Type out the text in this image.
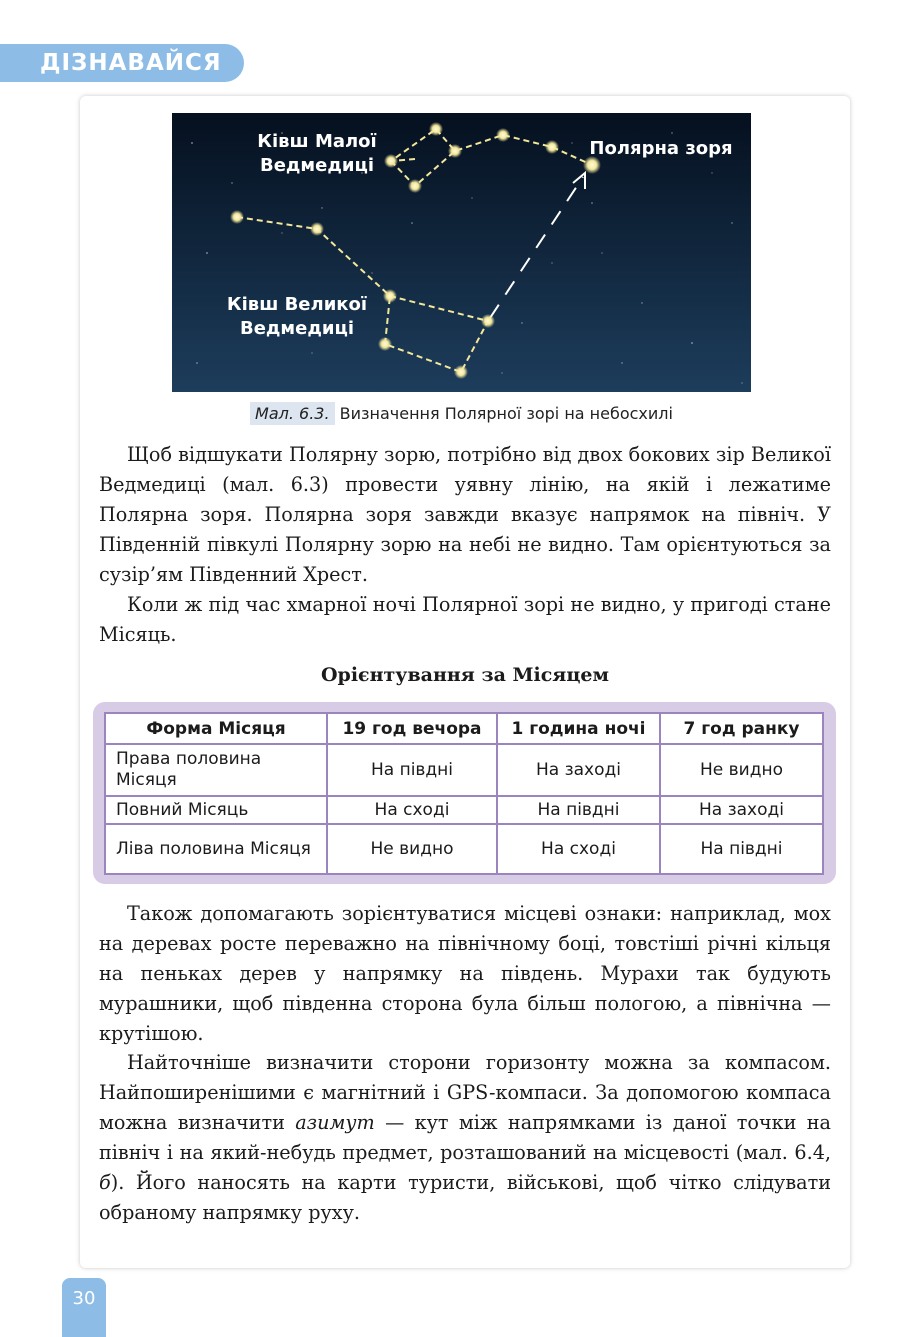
ДІЗНАВАЙСЯ
Ківш Малої
Ведмедиці
Полярна зоря
Ківш Великої
Ведмедиці
Мал. 6.3. Визначення Полярної зорі на небосхилі

Щоб відшукати Полярну зорю, потрібно від двох бокових зір Великої Ведмедиці (мал. 6.3) провести уявну лінію, на якій і лежатиме Полярна зоря. Полярна зоря завжди вказує напрямок на північ. У Південній півкулі Полярну зорю на небі не видно. Там орієнтуються за сузір’ям Південний Хрест.

Коли ж під час хмарної ночі Полярної зорі не видно, у пригоді стане Місяць.

Орієнтування за Місяцем
Форма Місяця	19 год вечора	1 година ночі	7 год ранку
Права половина Місяця	На півдні	На заході	Не видно
Повний Місяць	На сході	На півдні	На заході
Ліва половина Місяця	Не видно	На сході	На півдні

Також допомагають зорієнтуватися місцеві ознаки: наприклад, мох на деревах росте переважно на північному боці, товстіші річні кільця на пеньках дерев у напрямку на південь. Мурахи так будують мурашники, щоб південна сторона була більш пологою, а північна — крутішою.

Найточніше визначити сторони горизонту можна за компасом. Найпоширенішими є магнітний і GPS-компаси. За допомогою компаса можна визначити азимут — кут між напрямками із даної точки на північ і на який-небудь предмет, розташований на місцевості (мал. 6.4, б). Його наносять на карти туристи, військові, щоб чітко слідувати обраному напрямку руху.

30
